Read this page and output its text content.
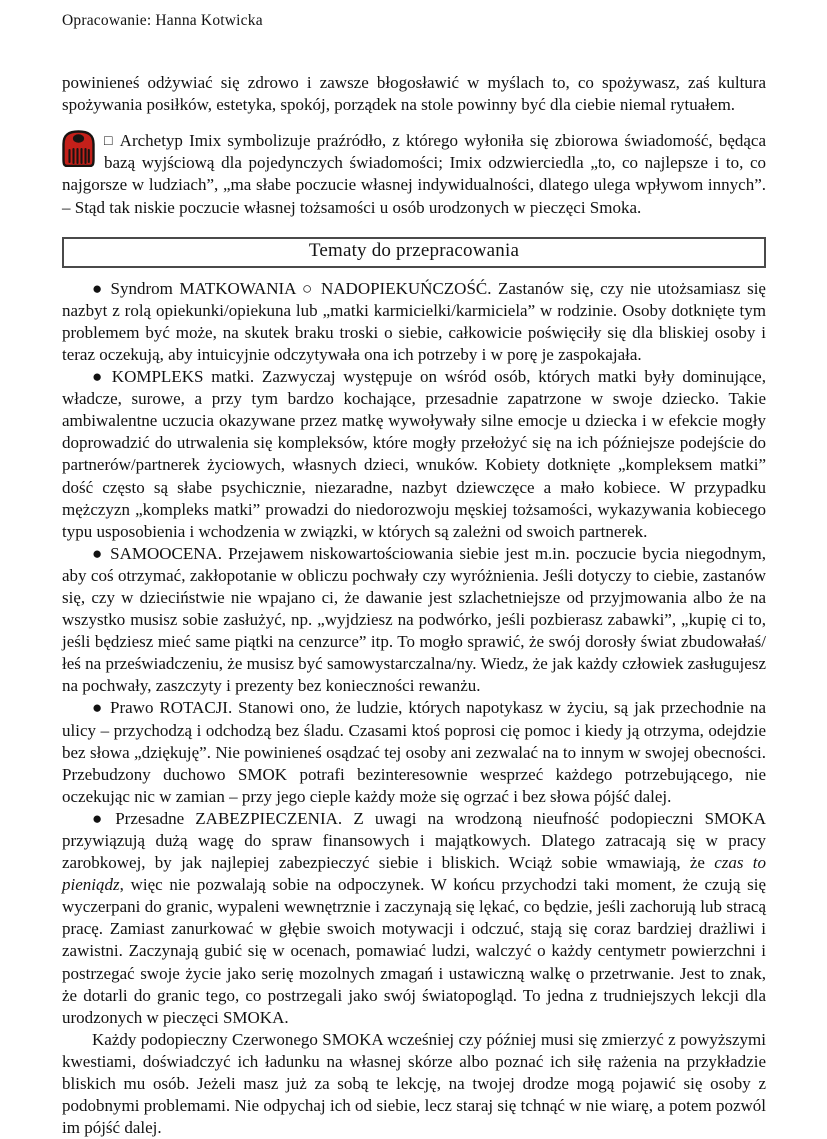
Opracowanie: Hanna Kotwicka

powinieneś odżywiać się zdrowo i zawsze błogosławić w myślach to, co spożywasz, zaś kultura spożywania posiłków, estetyka, spokój, porządek na stole powinny być dla ciebie niemal rytuałem.

□ Archetyp Imix symbolizuje praźródło, z którego wyłoniła się zbiorowa świadomość, będąca bazą wyjściową dla pojedynczych świadomości; Imix odzwierciedla „to, co najlepsze i to, co najgorsze w ludziach”, „ma słabe poczucie własnej indywidualności, dlatego ulega wpływom innych”. – Stąd tak niskie poczucie własnej tożsamości u osób urodzonych w pieczęci Smoka.

Tematy do przepracowania

● Syndrom MATKOWANIA ○ NADOPIEKUŃCZOŚĆ. Zastanów się, czy nie utożsamiasz się nazbyt z rolą opiekunki/opiekuna lub „matki karmicielki/karmiciela” w rodzinie. Osoby dotknięte tym problemem być może, na skutek braku troski o siebie, całkowicie poświęciły się dla bliskiej osoby i teraz oczekują, aby intuicyjnie odczytywała ona ich potrzeby i w porę je zaspokajała.

● KOMPLEKS matki. Zazwyczaj występuje on wśród osób, których matki były dominujące, władcze, surowe, a przy tym bardzo kochające, przesadnie zapatrzone w swoje dziecko. Takie ambiwalentne uczucia okazywane przez matkę wywoływały silne emocje u dziecka i w efekcie mogły doprowadzić do utrwalenia się kompleksów, które mogły przełożyć się na ich późniejsze podejście do partnerów/partnerek życiowych, własnych dzieci, wnuków. Kobiety dotknięte „kompleksem matki” dość często są słabe psychicznie, niezaradne, nazbyt dziewczęce a mało kobiece. W przypadku mężczyzn „kompleks matki” prowadzi do niedorozwoju męskiej tożsamości, wykazywania kobiecego typu usposobienia i wchodzenia w związki, w których są zależni od swoich partnerek.

● SAMOOCENA. Przejawem niskowartościowania siebie jest m.in. poczucie bycia niegodnym, aby coś otrzymać, zakłopotanie w obliczu pochwały czy wyróżnienia. Jeśli dotyczy to ciebie, zastanów się, czy w dzieciństwie nie wpajano ci, że dawanie jest szlachetniejsze od przyjmowania albo że na wszystko musisz sobie zasłużyć, np. „wyjdziesz na podwórko, jeśli pozbierasz zabawki”, „kupię ci to, jeśli będziesz mieć same piątki na cenzurce” itp. To mogło sprawić, że swój dorosły świat zbudowałaś/łeś na przeświadczeniu, że musisz być samowystarczalna/ny. Wiedz, że jak każdy człowiek zasługujesz na pochwały, zaszczyty i prezenty bez konieczności rewanżu.

● Prawo ROTACJI. Stanowi ono, że ludzie, których napotykasz w życiu, są jak przechodnie na ulicy – przychodzą i odchodzą bez śladu. Czasami ktoś poprosi cię pomoc i kiedy ją otrzyma, odejdzie bez słowa „dziękuję”. Nie powinieneś osądzać tej osoby ani zezwalać na to innym w swojej obecności. Przebudzony duchowo SMOK potrafi bezinteresownie wesprzeć każdego potrzebującego, nie oczekując nic w zamian – przy jego cieple każdy może się ogrzać i bez słowa pójść dalej.

● Przesadne ZABEZPIECZENIA. Z uwagi na wrodzoną nieufność podopieczni SMOKA przywiązują dużą wagę do spraw finansowych i majątkowych. Dlatego zatracają się w pracy zarobkowej, by jak najlepiej zabezpieczyć siebie i bliskich. Wciąż sobie wmawiają, że czas to pieniądz, więc nie pozwalają sobie na odpoczynek. W końcu przychodzi taki moment, że czują się wyczerpani do granic, wypaleni wewnętrznie i zaczynają się lękać, co będzie, jeśli zachorują lub stracą pracę. Zamiast zanurkować w głębie swoich motywacji i odczuć, stają się coraz bardziej drażliwi i zawistni. Zaczynają gubić się w ocenach, pomawiać ludzi, walczyć o każdy centymetr powierzchni i postrzegać swoje życie jako serię mozolnych zmagań i ustawiczną walkę o przetrwanie. Jest to znak, że dotarli do granic tego, co postrzegali jako swój światopogląd. To jedna z trudniejszych lekcji dla urodzonych w pieczęci SMOKA.

Każdy podopieczny Czerwonego SMOKA wcześniej czy później musi się zmierzyć z powyższymi kwestiami, doświadczyć ich ładunku na własnej skórze albo poznać ich siłę rażenia na przykładzie bliskich mu osób. Jeżeli masz już za sobą te lekcję, na twojej drodze mogą pojawić się osoby z podobnymi problemami. Nie odpychaj ich od siebie, lecz staraj się tchnąć w nie wiarę, a potem pozwól im pójść dalej.
